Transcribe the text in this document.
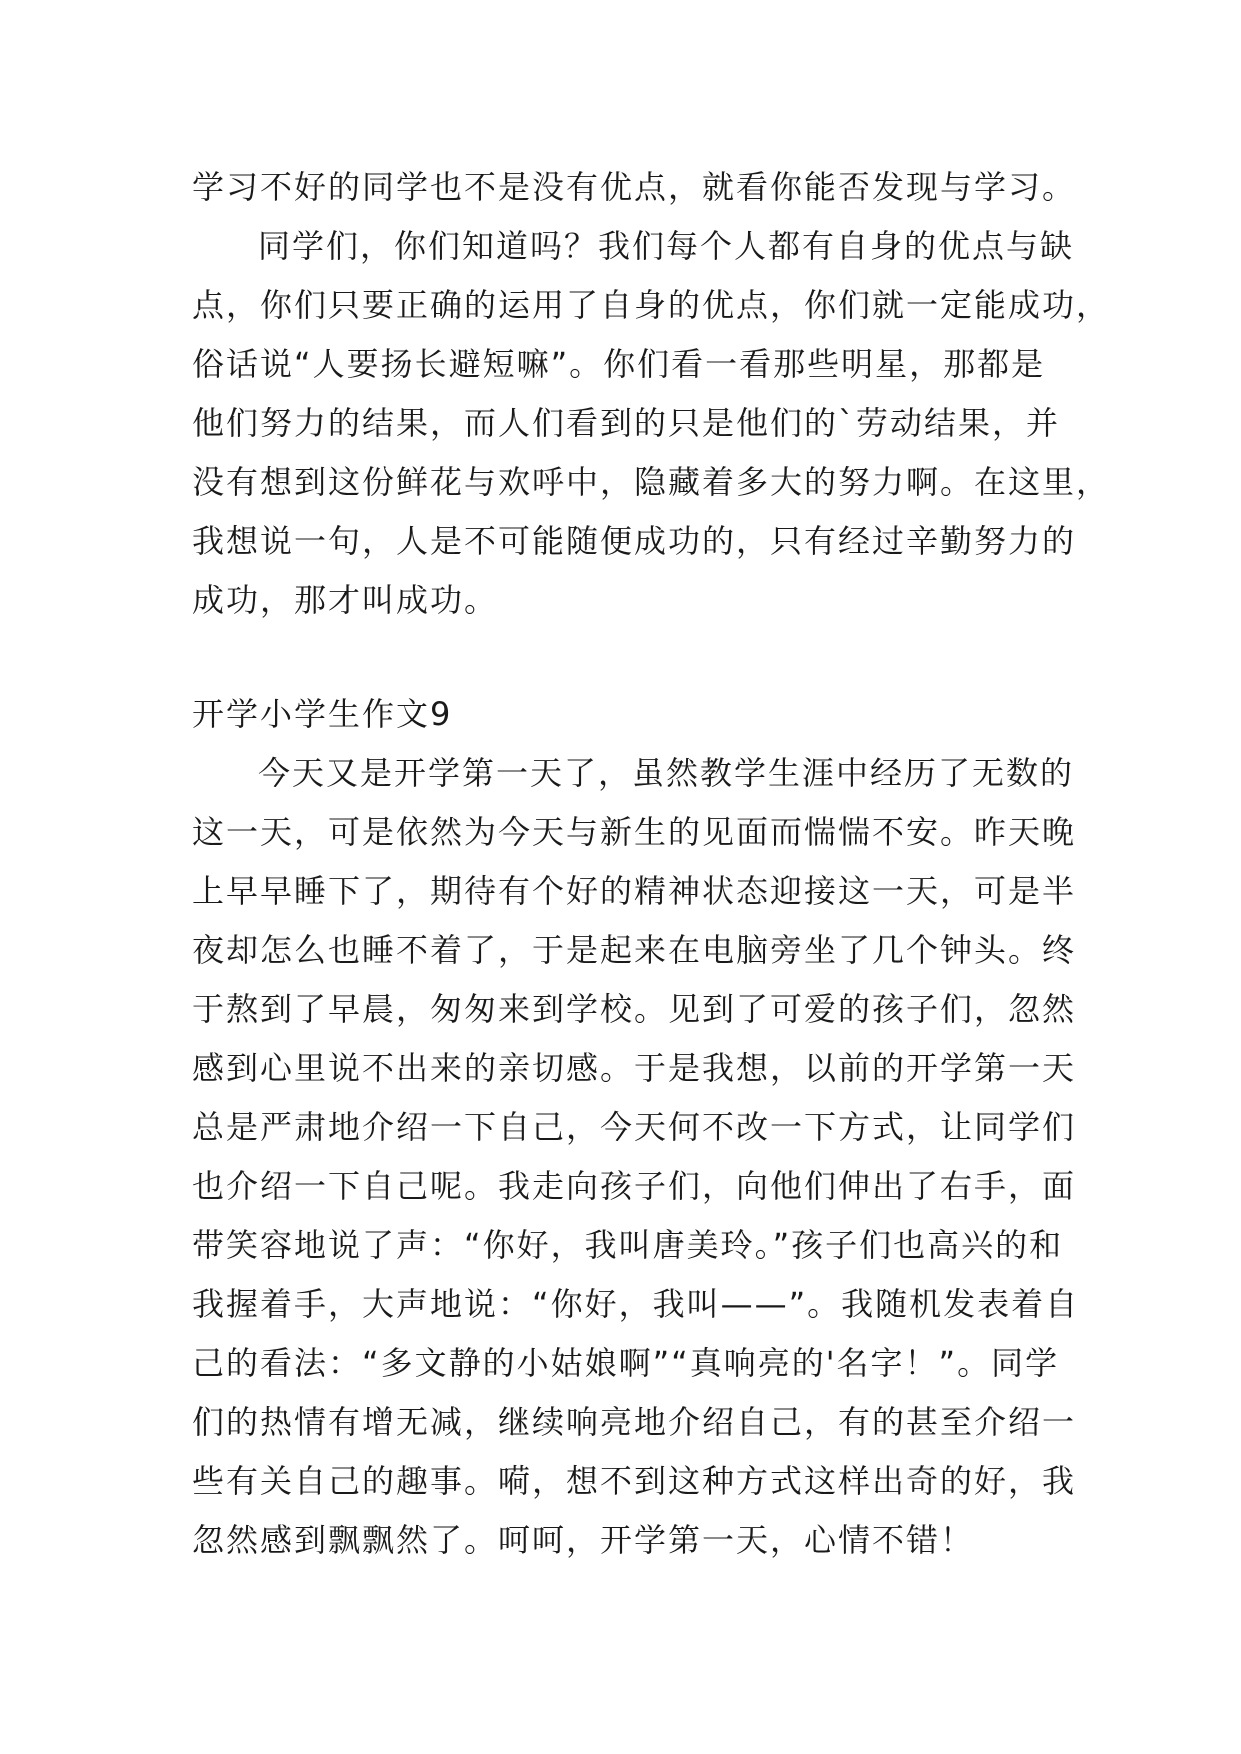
学习不好的同学也不是没有优点，就看你能否发现与学习。
同学们，你们知道吗？我们每个人都有自身的优点与缺
点，你们只要正确的运用了自身的优点，你们就一定能成功，
俗话说“人要扬长避短嘛”。你们看一看那些明星，那都是
他们努力的结果，而人们看到的只是他们的`劳动结果，并
没有想到这份鲜花与欢呼中，隐藏着多大的努力啊。在这里，
我想说一句，人是不可能随便成功的，只有经过辛勤努力的
成功，那才叫成功。
开学小学生作文9
今天又是开学第一天了，虽然教学生涯中经历了无数的
这一天，可是依然为今天与新生的见面而惴惴不安。昨天晚
上早早睡下了，期待有个好的精神状态迎接这一天，可是半
夜却怎么也睡不着了，于是起来在电脑旁坐了几个钟头。终
于熬到了早晨，匆匆来到学校。见到了可爱的孩子们，忽然
感到心里说不出来的亲切感。于是我想，以前的开学第一天
总是严肃地介绍一下自己，今天何不改一下方式，让同学们
也介绍一下自己呢。我走向孩子们，向他们伸出了右手，面
带笑容地说了声：“你好，我叫唐美玲。”孩子们也高兴的和
我握着手，大声地说：“你好，我叫——”。我随机发表着自
己的看法：“多文静的小姑娘啊”“真响亮的'名字！”。同学
们的热情有增无减，继续响亮地介绍自己，有的甚至介绍一
些有关自己的趣事。嗬，想不到这种方式这样出奇的好，我
忽然感到飘飘然了。呵呵，开学第一天，心情不错！
